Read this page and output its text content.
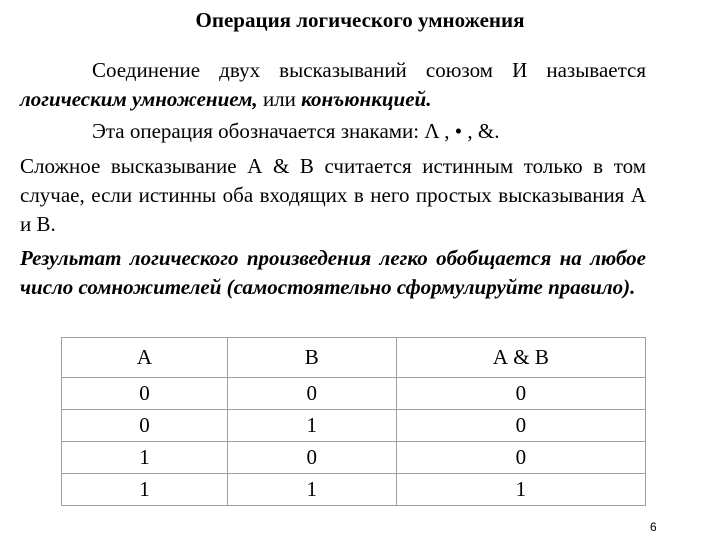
Операция логического умножения
Соединение двух высказываний союзом И называется логическим умножением, или конъюнкцией.
Эта операция обозначается знаками: Λ , • , &.
Сложное высказывание А & В считается истинным только в том случае, если истинны оба входящих в него простых высказывания А и В.
Результат логического произведения легко обобщается на любое число сомножителей (самостоятельно сформулируйте правило).
А	В	А & В
0	0	0
0	1	0
1	0	0
1	1	1
6
